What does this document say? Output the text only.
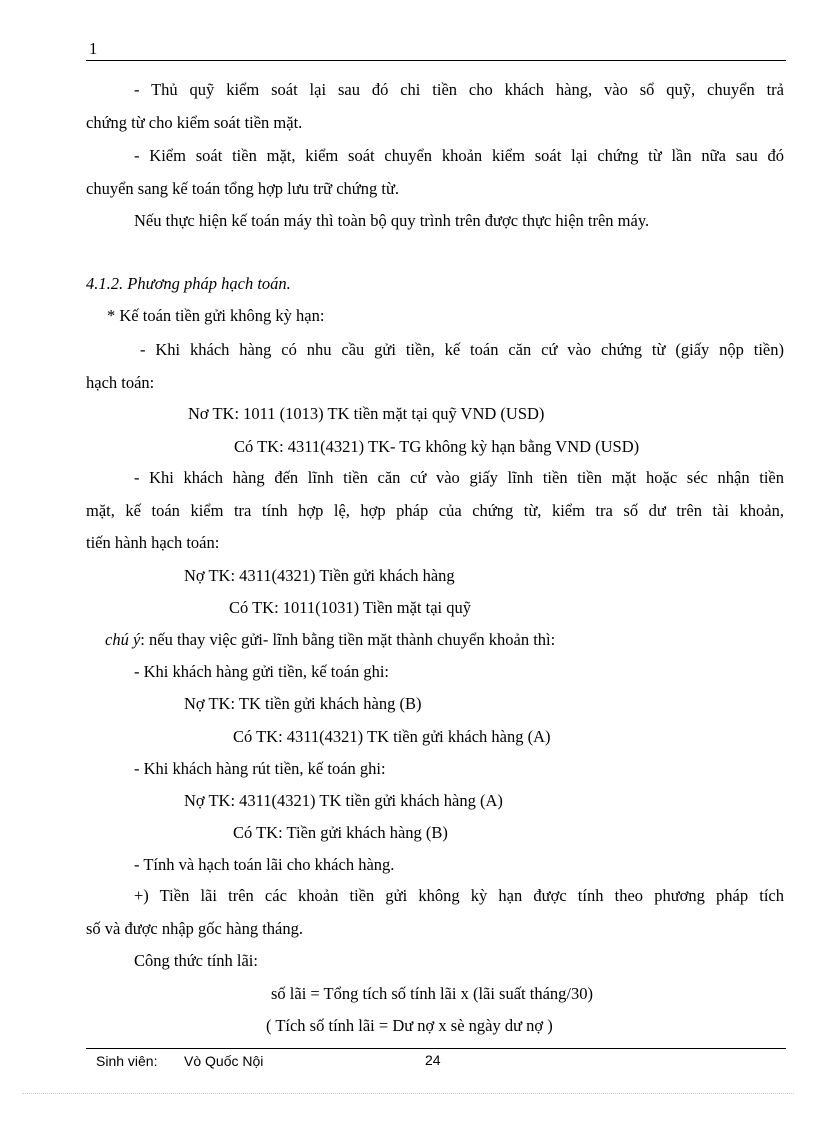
1
- Thủ quỹ kiểm soát lại sau đó chi tiền cho khách hàng, vào sổ quỹ, chuyển trả
chứng từ cho kiểm soát tiền mặt.
- Kiểm soát tiền mặt, kiểm soát chuyển khoản kiểm soát lại chứng từ lần nữa sau đó
chuyển sang kế toán tổng hợp lưu trữ chứng từ.
Nếu thực hiện kế toán máy thì toàn bộ quy trình trên được thực hiện trên máy.
4.1.2. Phương pháp hạch toán.
* Kế toán tiền gửi không kỳ hạn:
- Khi khách hàng có nhu cầu gửi tiền, kế toán căn cứ vào chứng từ (giấy nộp tiền)
hạch toán:
Nơ TK: 1011 (1013) TK tiền mặt tại quỹ VND (USD)
Có TK: 4311(4321) TK- TG không kỳ hạn bằng VND (USD)
- Khi khách hàng đến lĩnh tiền căn cứ vào giấy lĩnh tiền tiền mặt hoặc séc nhận tiền
mặt, kế toán kiểm tra tính hợp lệ, hợp pháp của chứng từ, kiểm tra số dư trên tài khoản,
tiến hành hạch toán:
Nợ TK: 4311(4321) Tiền gửi khách hàng
Có TK: 1011(1031) Tiền mặt tại quỹ
chú ý: nếu thay việc gửi- lĩnh bằng tiền mặt thành chuyển khoản thì:
- Khi khách hàng gửi tiền, kế toán ghi:
Nợ TK: TK tiền gửi khách hàng (B)
Có TK: 4311(4321) TK tiền gửi khách hàng (A)
- Khi khách hàng rút tiền, kế toán ghi:
Nợ TK: 4311(4321) TK tiền gửi khách hàng (A)
Có TK: Tiền gửi khách hàng (B)
- Tính và hạch toán lãi cho khách hàng.
+) Tiền lãi trên các khoản tiền gửi không kỳ hạn được tính theo phương pháp tích
số và được nhập gốc hàng tháng.
Công thức tính lãi:
số lãi = Tổng tích số tính lãi x (lãi suất tháng/30)
( Tích số tính lãi = Dư nợ x sè ngày dư nợ )
Sinh viên: Vò Quốc Nội	24
